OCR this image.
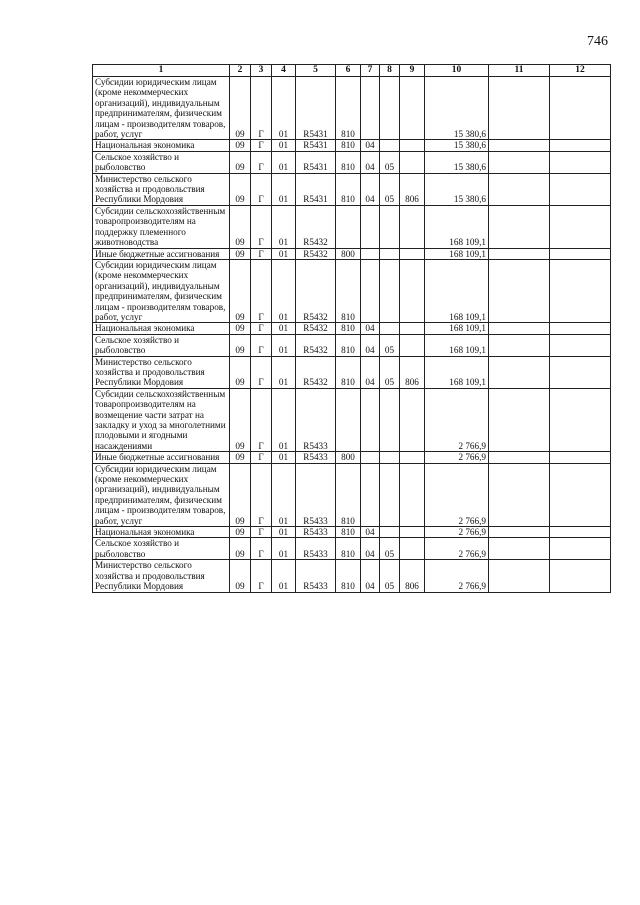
746
1	2	3	4	5	6	7	8	9	10	11	12
Субсидии юридическим лицам (кроме некоммерческих организаций), индивидуальным предпринимателям, физическим лицам - производителям товаров, работ, услуг	09	Г	01	R5431	810				15 380,6		
Национальная экономика	09	Г	01	R5431	810	04			15 380,6		
Сельское хозяйство и рыболовство	09	Г	01	R5431	810	04	05		15 380,6		
Министерство сельского хозяйства и продовольствия Республики Мордовия	09	Г	01	R5431	810	04	05	806	15 380,6		
Субсидии сельскохозяйственным товаропроизводителям на поддержку племенного животноводства	09	Г	01	R5432					168 109,1		
Иные бюджетные ассигнования	09	Г	01	R5432	800				168 109,1		
Субсидии юридическим лицам (кроме некоммерческих организаций), индивидуальным предпринимателям, физическим лицам - производителям товаров, работ, услуг	09	Г	01	R5432	810				168 109,1		
Национальная экономика	09	Г	01	R5432	810	04			168 109,1		
Сельское хозяйство и рыболовство	09	Г	01	R5432	810	04	05		168 109,1		
Министерство сельского хозяйства и продовольствия Республики Мордовия	09	Г	01	R5432	810	04	05	806	168 109,1		
Субсидии сельскохозяйственным товаропроизводителям на возмещение части затрат на закладку и уход за многолетними плодовыми и ягодными насаждениями	09	Г	01	R5433					2 766,9		
Иные бюджетные ассигнования	09	Г	01	R5433	800				2 766,9		
Субсидии юридическим лицам (кроме некоммерческих организаций), индивидуальным предпринимателям, физическим лицам - производителям товаров, работ, услуг	09	Г	01	R5433	810				2 766,9		
Национальная экономика	09	Г	01	R5433	810	04			2 766,9		
Сельское хозяйство и рыболовство	09	Г	01	R5433	810	04	05		2 766,9		
Министерство сельского хозяйства и продовольствия Республики Мордовия	09	Г	01	R5433	810	04	05	806	2 766,9		
